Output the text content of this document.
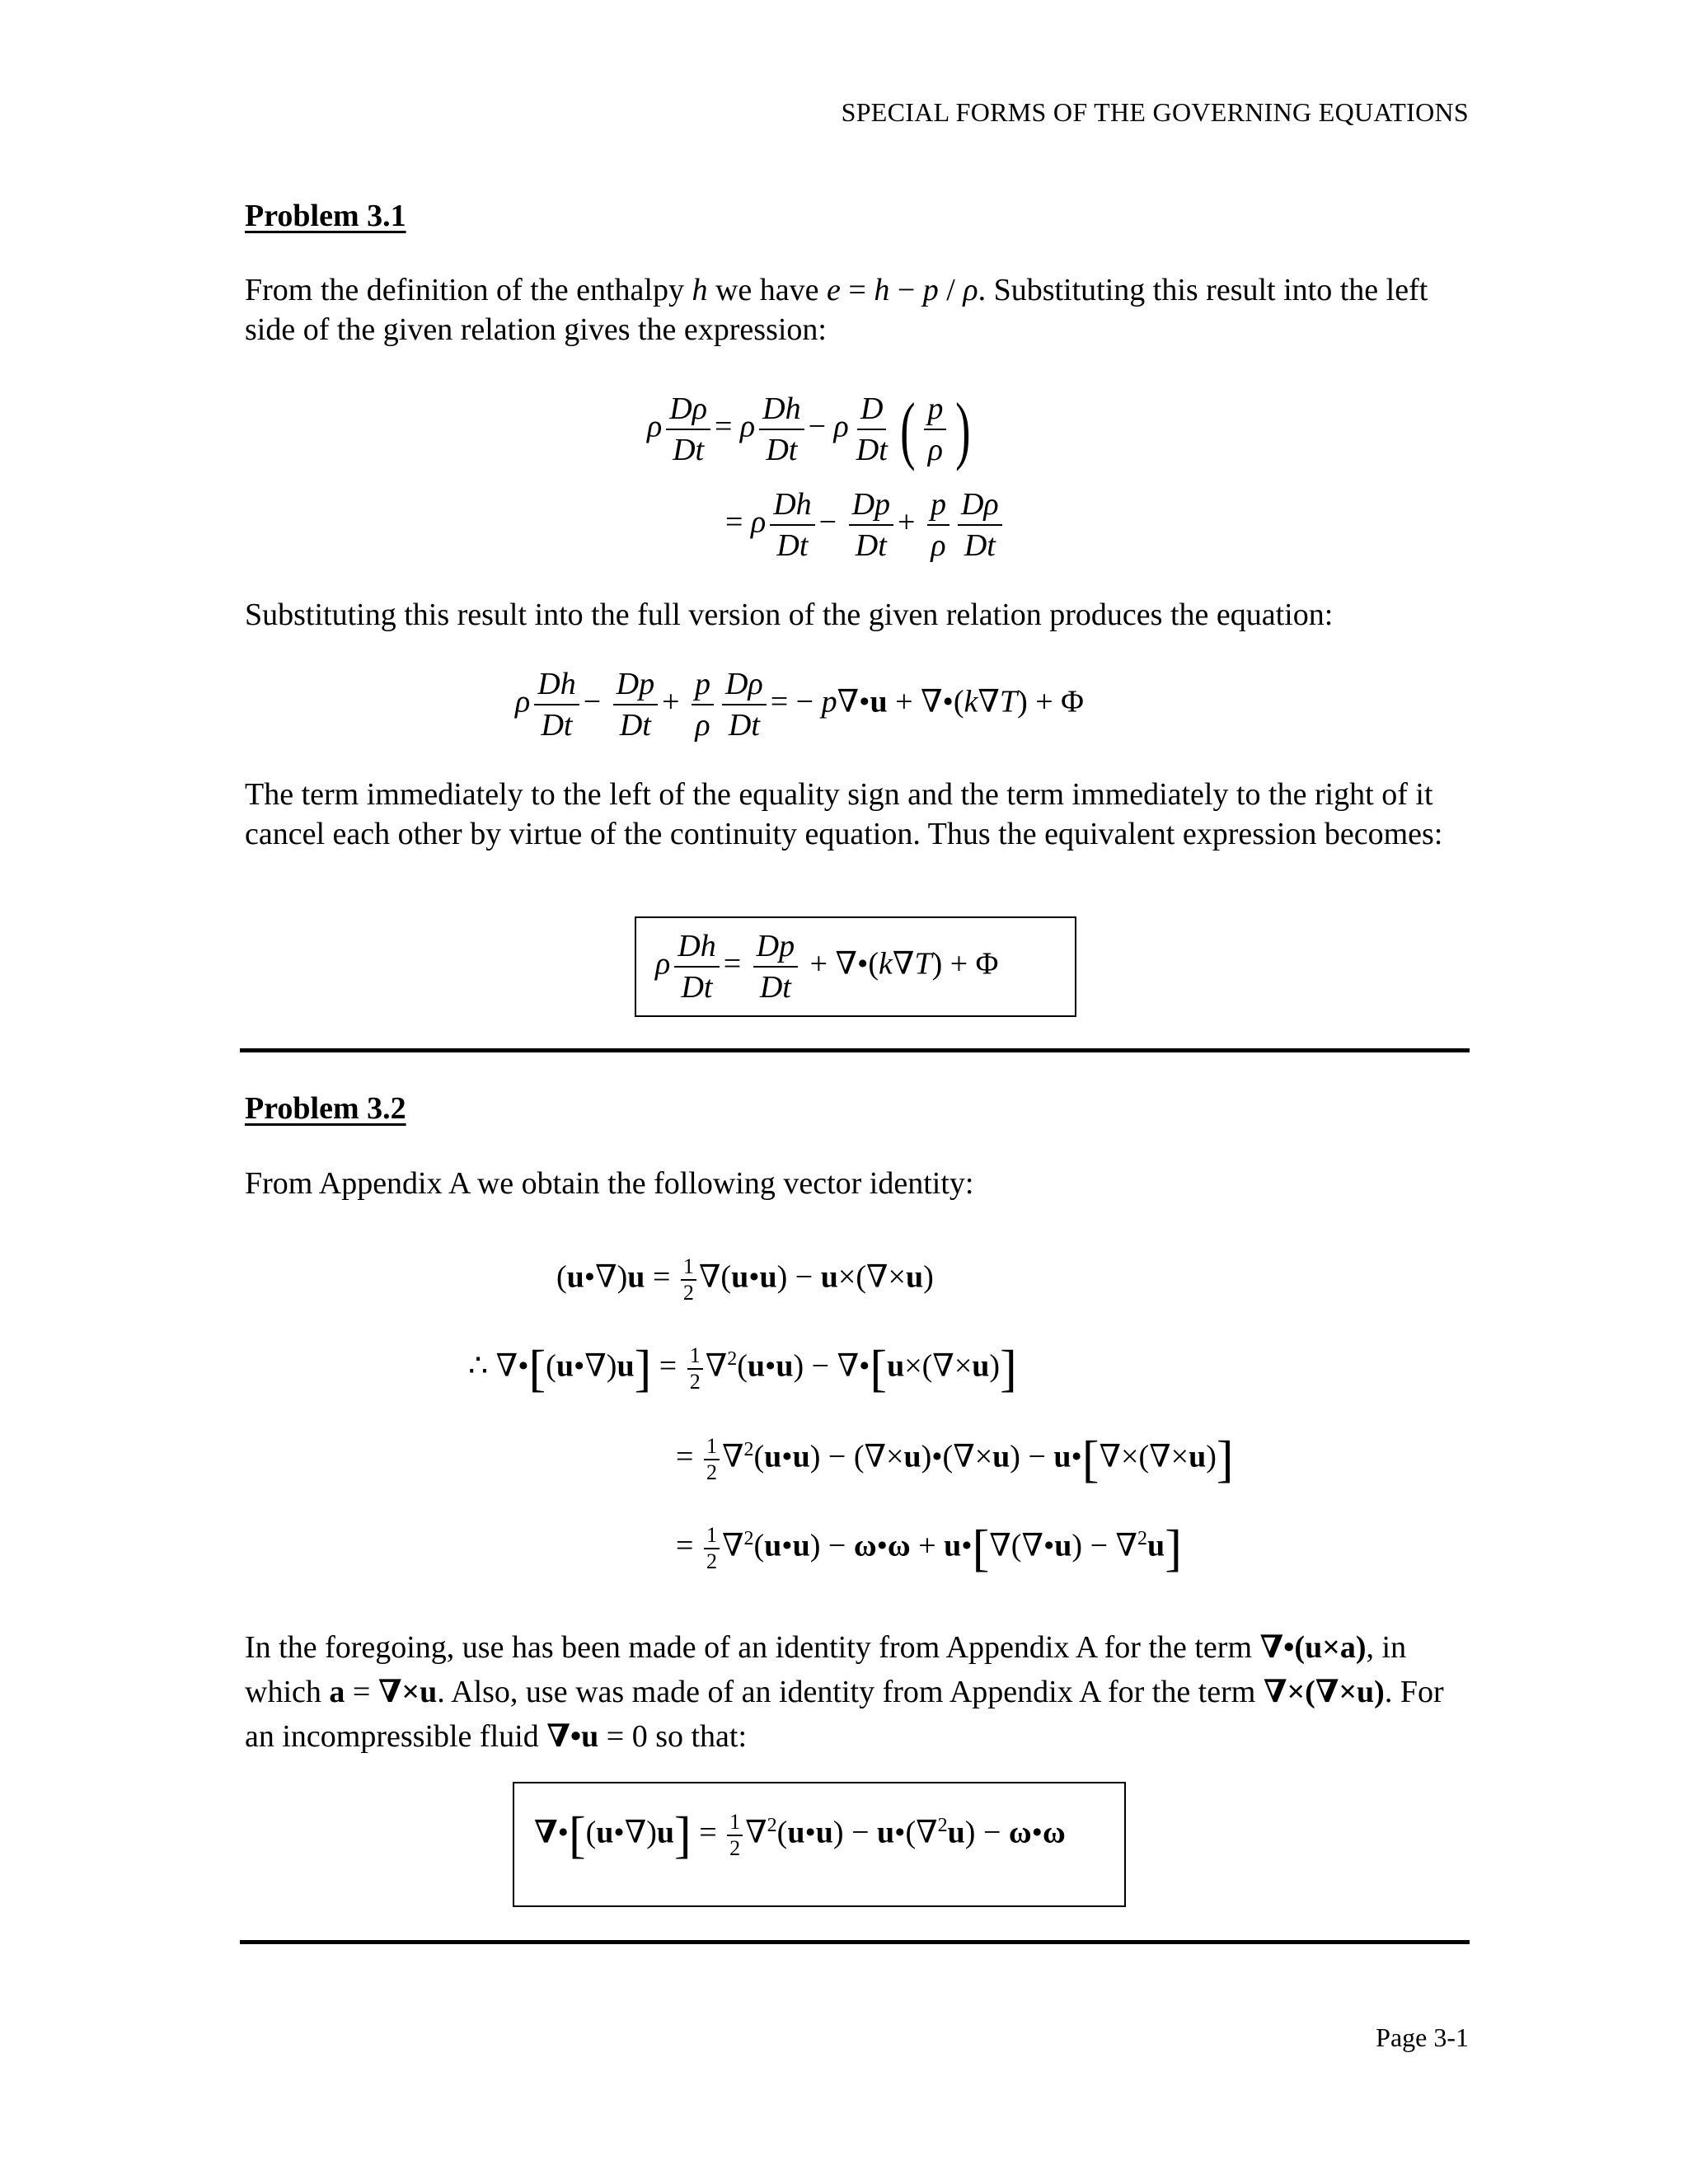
SPECIAL FORMS OF THE GOVERNING EQUATIONS
Problem 3.1
From the definition of the enthalpy h we have e = h − p / ρ. Substituting this result into the left side of the given relation gives the expression:
ρ $\frac{D\rho}{Dt} = \rho \frac{Dh}{Dt} - \rho \frac{D}{Dt}$ ( $\frac{p}{\rho}$ )
= ρ $\frac{Dh}{Dt} - \frac{Dp}{Dt} + \frac{p}{\rho} \frac{D\rho}{Dt}$
Substituting this result into the full version of the given relation produces the equation:
ρ $\frac{Dh}{Dt} - \frac{Dp}{Dt} + \frac{p}{\rho} \frac{D\rho}{Dt}$ = − p∇•u + ∇•(k∇T) + Φ
The term immediately to the left of the equality sign and the term immediately to the right of it cancel each other by virtue of the continuity equation. Thus the equivalent expression becomes:
ρ $\frac{Dh}{Dt} = \frac{Dp}{Dt}$ + ∇•(k∇T) + Φ
Problem 3.2
From Appendix A we obtain the following vector identity:
(u•∇)u = $\frac{1}{2}$ ∇(u•u) − u×(∇×u)
∴ ∇•[(u•∇)u] = $\frac{1}{2}$ ∇$^2$(u•u) − ∇•[u×(∇×u)]
= $\frac{1}{2}$ ∇$^2$(u•u) − (∇×u)•(∇×u) − u•[∇×(∇×u)]
= $\frac{1}{2}$ ∇$^2$(u•u) − ω•ω + u•[∇(∇•u) − ∇$^2$u]
In the foregoing, use has been made of an identity from Appendix A for the term ∇•(u×a), in which a = ∇×u. Also, use was made of an identity from Appendix A for the term ∇×(∇×u). For an incompressible fluid ∇•u = 0 so that:
∇•[(u•∇)u] = $\frac{1}{2}$ ∇$^2$(u•u) − u•(∇$^2$u) − ω•ω
Page 3-1
